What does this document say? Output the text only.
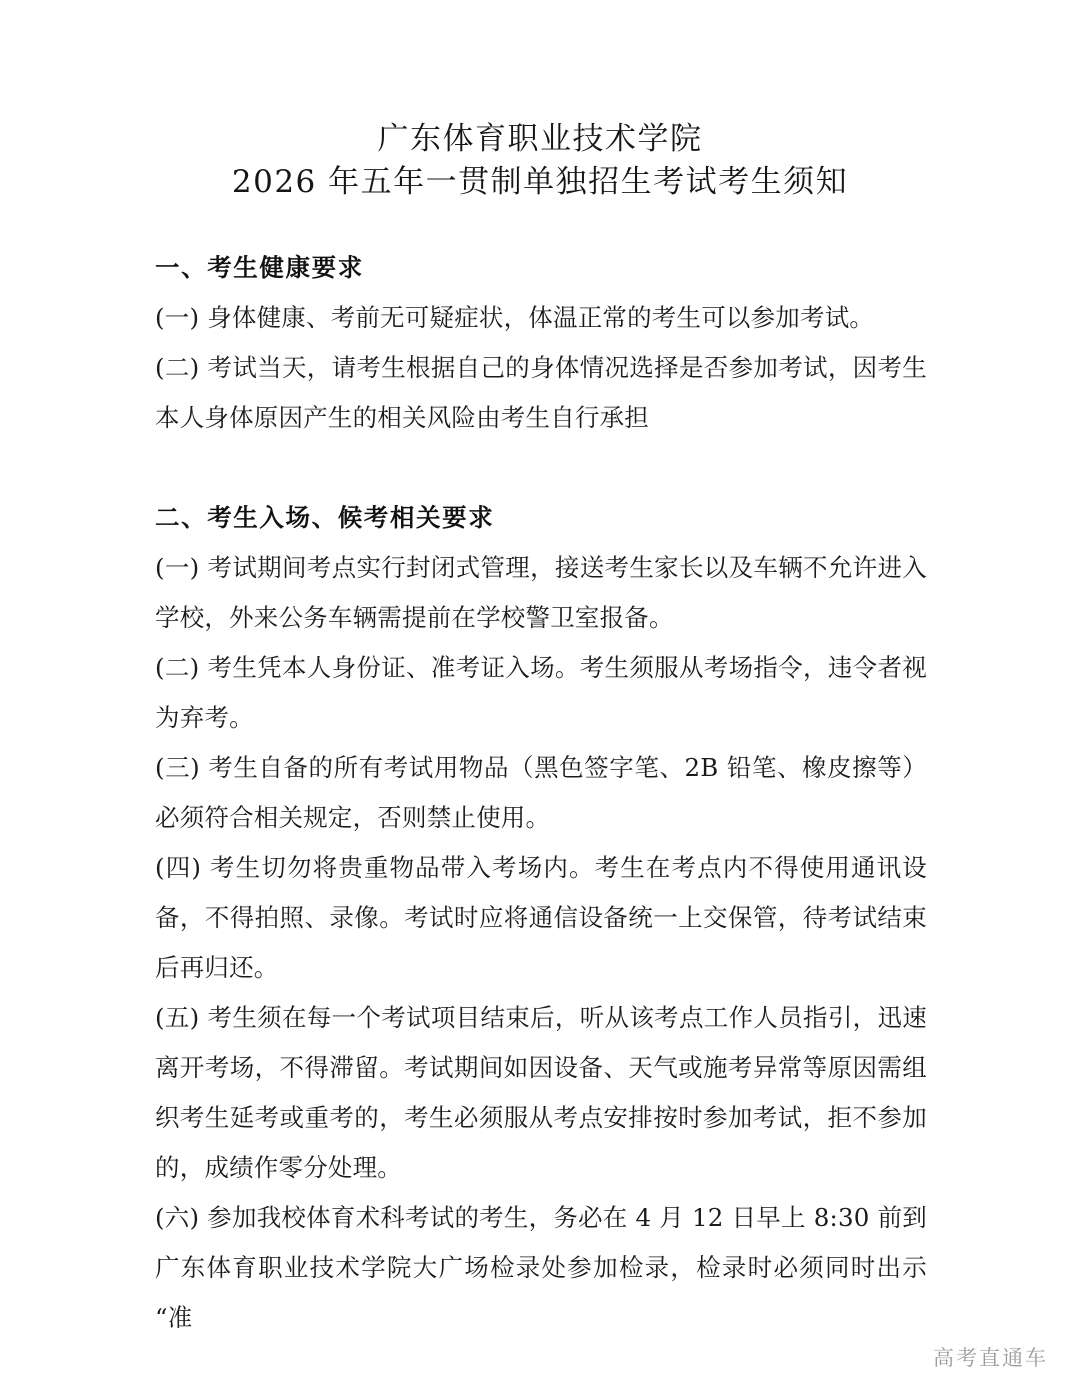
广东体育职业技术学院
2026 年五年一贯制单独招生考试考生须知

一、考生健康要求

(一) 身体健康、考前无可疑症状，体温正常的考生可以参加考试。

(二) 考试当天，请考生根据自己的身体情况选择是否参加考试，因考生本人身体原因产生的相关风险由考生自行承担

二、考生入场、候考相关要求

(一) 考试期间考点实行封闭式管理，接送考生家长以及车辆不允许进入学校，外来公务车辆需提前在学校警卫室报备。

(二) 考生凭本人身份证、准考证入场。考生须服从考场指令，违令者视为弃考。

(三) 考生自备的所有考试用物品（黑色签字笔、2B 铅笔、橡皮擦等）必须符合相关规定，否则禁止使用。

(四) 考生切勿将贵重物品带入考场内。考生在考点内不得使用通讯设备，不得拍照、录像。考试时应将通信设备统一上交保管，待考试结束后再归还。

(五) 考生须在每一个考试项目结束后，听从该考点工作人员指引，迅速离开考场，不得滞留。考试期间如因设备、天气或施考异常等原因需组织考生延考或重考的，考生必须服从考点安排按时参加考试，拒不参加的，成绩作零分处理。

(六) 参加我校体育术科考试的考生，务必在 4 月 12 日早上 8:30 前到广东体育职业技术学院大广场检录处参加检录，检录时必须同时出示“准

高考直通车
